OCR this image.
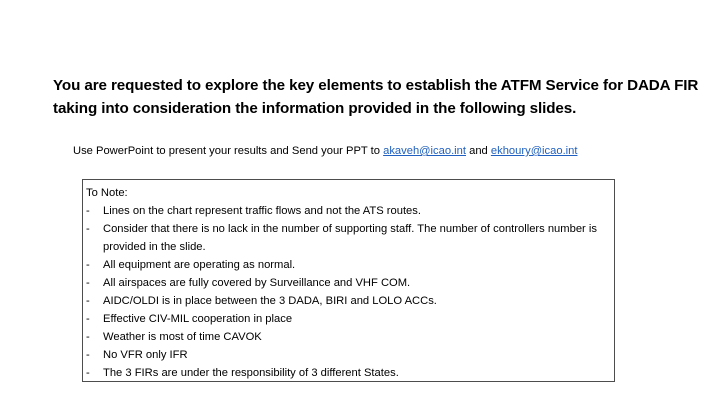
You are requested to explore the key elements to establish the ATFM Service for DADA FIR taking into consideration the information provided in the following slides.
Use PowerPoint to present your results and Send your PPT to akaveh@icao.int and ekhoury@icao.int
To Note:
- Lines on the chart represent traffic flows and not the ATS routes.
- Consider that there is no lack in the number of supporting staff. The number of controllers number is provided in the slide.
- All equipment are operating as normal.
- All airspaces are fully covered by Surveillance and VHF COM.
- AIDC/OLDI is in place between the 3 DADA, BIRI and LOLO ACCs.
- Effective CIV-MIL cooperation in place
- Weather is most of time CAVOK
- No VFR only IFR
- The 3 FIRs are under the responsibility of 3 different States.
